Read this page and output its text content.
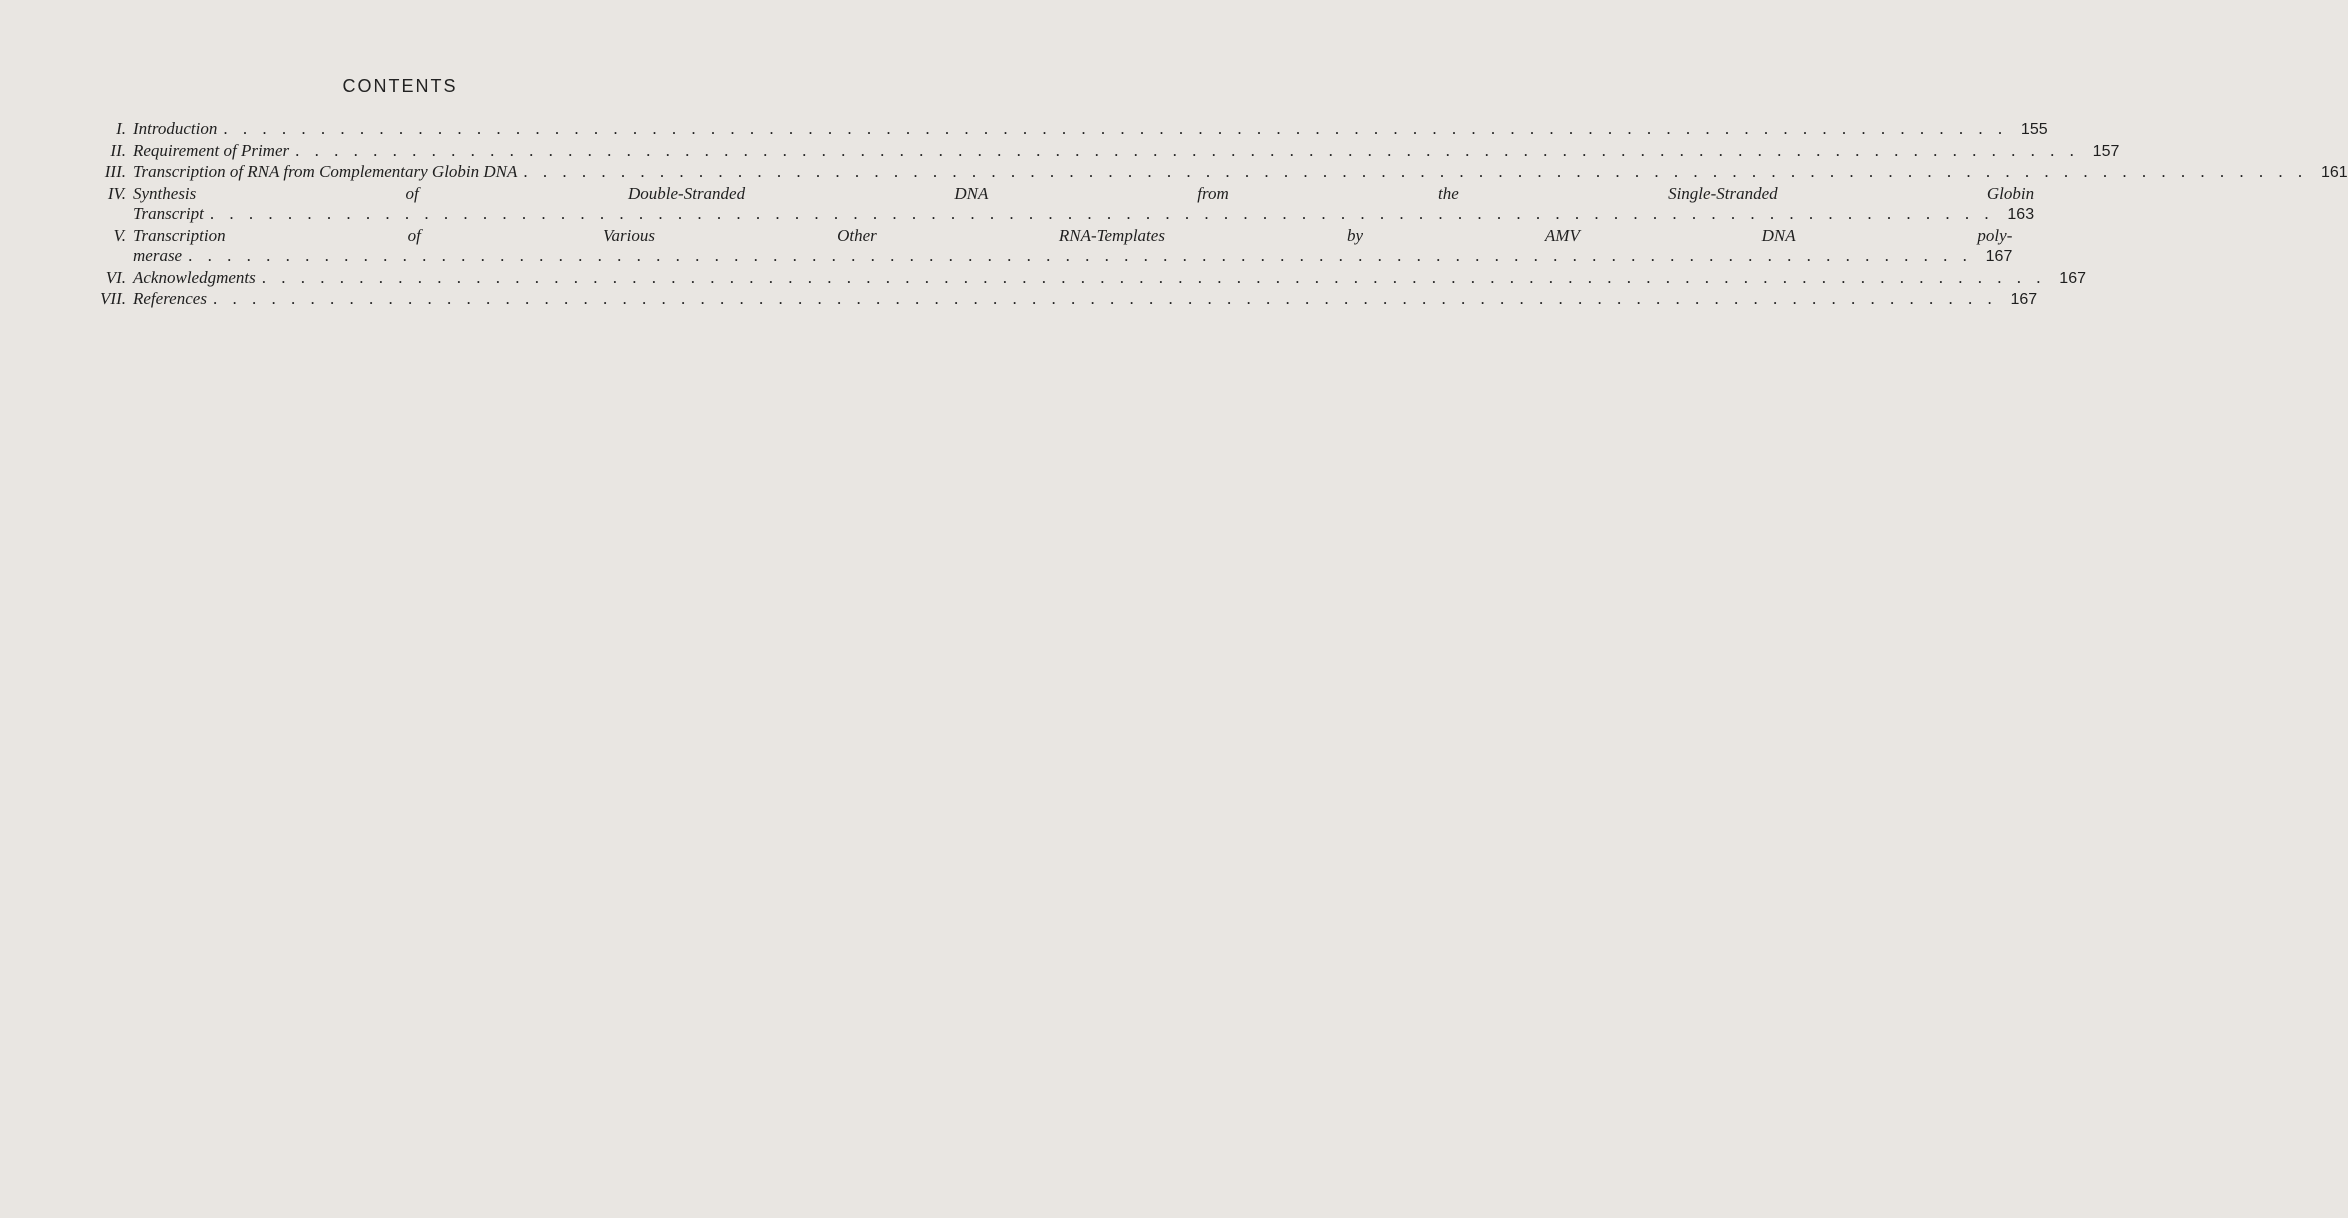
CONTENTS
I. Introduction . . .	155
II. Requirement of Primer . . .	157
III. Transcription of RNA from Complementary Globin DNA . . .	161
IV. Synthesis of Double-Stranded DNA from the Single-Stranded Globin
Transcript . . .	163
V. Transcription of Various Other RNA-Templates by AMV DNA poly-
merase . . .	167
VI. Acknowledgments . . .	167
VII. References . . .	167
